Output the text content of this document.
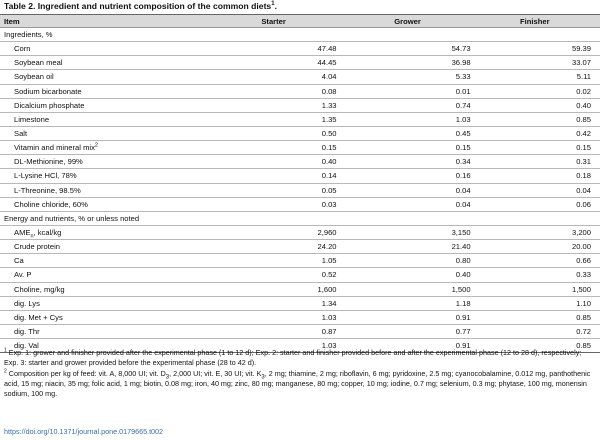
Table 2. Ingredient and nutrient composition of the common diets$^1$.
Item	Starter	Grower	Finisher
Ingredients, %			
Corn	47.48	54.73	59.39
Soybean meal	44.45	36.98	33.07
Soybean oil	4.04	5.33	5.11
Sodium bicarbonate	0.08	0.01	0.02
Dicalcium phosphate	1.33	0.74	0.40
Limestone	1.35	1.03	0.85
Salt	0.50	0.45	0.42
Vitamin and mineral mix$^2$	0.15	0.15	0.15
DL-Methionine, 99%	0.40	0.34	0.31
L-Lysine HCl, 78%	0.14	0.16	0.18
L-Threonine, 98.5%	0.05	0.04	0.04
Choline chloride, 60%	0.03	0.04	0.06
Energy and nutrients, % or unless noted			
$AME_n$, kcal/kg	2,960	3,150	3,200
Crude protein	24.20	21.40	20.00
Ca	1.05	0.80	0.66
Av. P	0.52	0.40	0.33
Choline, mg/kg	1,600	1,500	1,500
dig. Lys	1.34	1.18	1.10
dig. Met + Cys	1.03	0.91	0.85
dig. Thr	0.87	0.77	0.72
dig. Val	1.03	0.91	0.85

$^1$ Exp. 1: grower and finisher provided after the experimental phase (1 to 12 d); Exp. 2: starter and finisher provided before and after the experimental phase (12 to 28 d), respectively; Exp. 3: starter and grower provided before the experimental phase (28 to 42 d).

$^2$ Composition per kg of feed: vit. A, 8,000 UI; vit. $D_3$, 2,000 UI; vit. E, 30 UI; vit. $K_3$, 2 mg; thiamine, 2 mg; riboflavin, 6 mg; pyridoxine, 2.5 mg; cyanocobalamine, 0.012 mg, panthothenic acid, 15 mg; niacin, 35 mg; folic acid, 1 mg; biotin, 0.08 mg; iron, 40 mg; zinc, 80 mg; manganese, 80 mg; copper, 10 mg; iodine, 0.7 mg; selenium, 0.3 mg; phytase, 100 mg, monensin sodium, 100 mg.

https://doi.org/10.1371/journal.pone.0179665.t002
